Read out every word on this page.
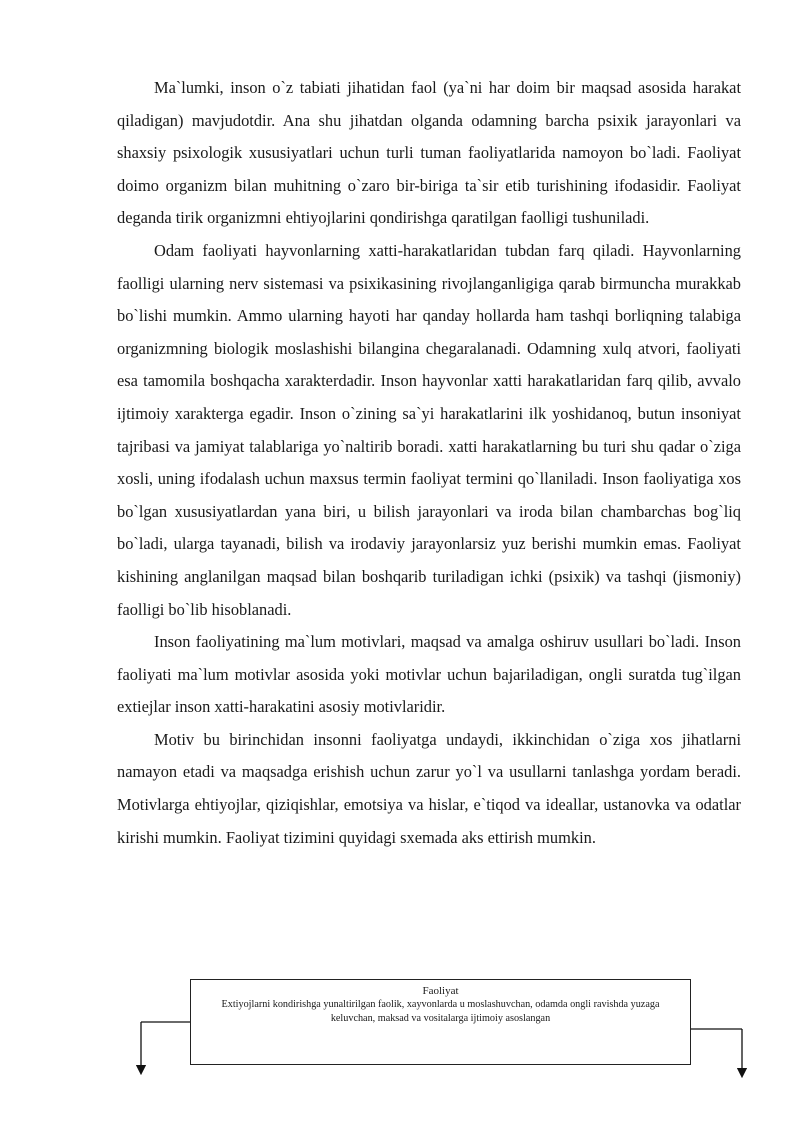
Ma`lumki, inson o`z tabiati jihatidan faol (ya`ni har doim bir maqsad asosida harakat qiladigan) mavjudotdir. Ana shu jihatdan olganda odamning barcha psixik jarayonlari va shaxsiy psixologik xususiyatlari uchun turli tuman faoliyatlarida namoyon bo`ladi. Faoliyat doimo organizm bilan muhitning o`zaro bir-biriga ta`sir etib turishining ifodasidir. Faoliyat deganda tirik organizmni ehtiyojlarini qondirishga qaratilgan faolligi tushuniladi.

Odam faoliyati hayvonlarning xatti-harakatlaridan tubdan farq qiladi. Hayvonlarning faolligi ularning nerv sistemasi va psixikasining rivojlanganligiga qarab birmuncha murakkab bo`lishi mumkin. Ammo ularning hayoti har qanday hollarda ham tashqi borliqning talabiga organizmning biologik moslashishi bilangina chegaralanadi. Odamning xulq atvori, faoliyati esa tamomila boshqacha xarakterdadir. Inson hayvonlar xatti harakatlaridan farq qilib, avvalo ijtimoiy xarakterga egadir. Inson o`zining sa`yi harakatlarini ilk yoshidanoq, butun insoniyat tajribasi va jamiyat talablariga yo`naltirib boradi. xatti harakatlarning bu turi shu qadar o`ziga xosli, uning ifodalash uchun maxsus termin faoliyat termini qo`llaniladi. Inson faoliyatiga xos bo`lgan xususiyatlardan yana biri, u bilish jarayonlari va iroda bilan chambarchas bog`liq bo`ladi, ularga tayanadi, bilish va irodaviy jarayonlarsiz yuz berishi mumkin emas. Faoliyat kishining anglanilgan maqsad bilan boshqarib turiladigan ichki (psixik) va tashqi (jismoniy) faolligi bo`lib hisoblanadi.

Inson faoliyatining ma`lum motivlari, maqsad va amalga oshiruv usullari bo`ladi. Inson faoliyati ma`lum motivlar asosida yoki motivlar uchun bajariladigan, ongli suratda tug`ilgan extiejlar inson xatti-harakatini asosiy motivlaridir.

Motiv bu birinchidan insonni faoliyatga undaydi, ikkinchidan o`ziga xos jihatlarni namayon etadi va maqsadga erishish uchun zarur yo`l va usullarni tanlashga yordam beradi. Motivlarga ehtiyojlar, qiziqishlar, emotsiya va hislar, e`tiqod va ideallar, ustanovka va odatlar kirishi mumkin. Faoliyat tizimini quyidagi sxemada aks ettirish mumkin.

Faoliyat
Extiyojlarni kondirishga yunaltirilgan faolik, xayvonlarda u moslashuvchan, odamda ongli ravishda yuzaga keluvchan, maksad va vositalarga ijtimoiy asoslangan
